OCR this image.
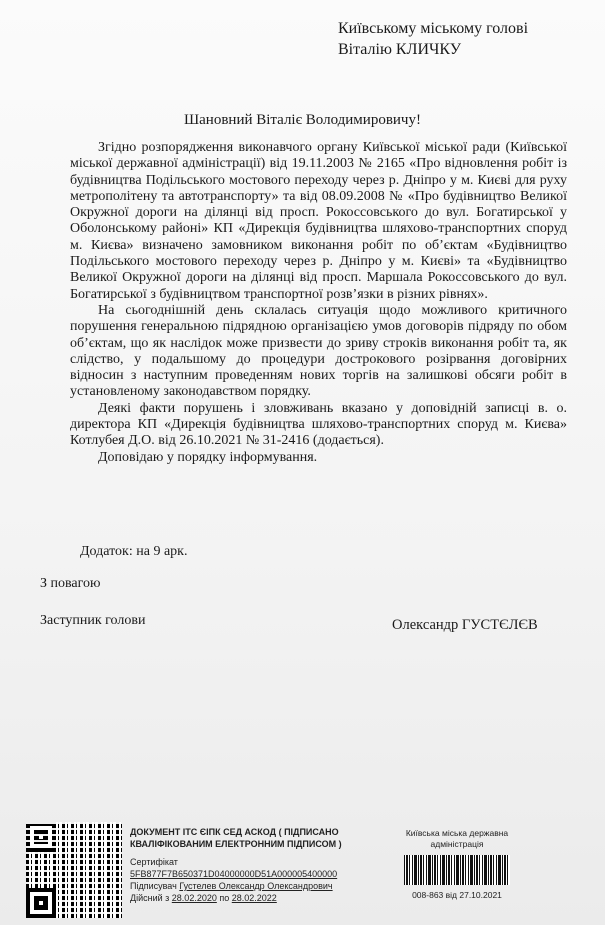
Київському міському голові
Віталію КЛИЧКУ
Шановний Віталіє Володимировичу!

Згідно розпорядження виконавчого органу Київської міської ради (Київської міської державної адміністрації) від 19.11.2003 № 2165 «Про відновлення робіт із будівництва Подільського мостового переходу через р. Дніпро у м. Києві для руху метрополітену та автотранспорту» та від 08.09.2008 № «Про будівництво Великої Окружної дороги на ділянці від просп. Рокоссовського до вул. Богатирської у Оболонському районі» КП «Дирекція будівництва шляхово-транспортних споруд м. Києва» визначено замовником виконання робіт по об’єктам «Будівництво Подільського мостового переходу через р. Дніпро у м. Києві» та «Будівництво Великої Окружної дороги на ділянці від просп. Маршала Рокоссовського до вул. Богатирської з будівництвом транспортної розв’язки в різних рівнях».

На сьогоднішній день склалась ситуація щодо можливого критичного порушення генеральною підрядною організацією умов договорів підряду по обом об’єктам, що як наслідок може призвести до зриву строків виконання робіт та, як слідство, у подальшому до процедури дострокового розірвання договірних відносин з наступним проведенням нових торгів на залишкові обсяги робіт в установленому законодавством порядку.

Деякі факти порушень і зловживань вказано у доповідній записці в. о. директора КП «Дирекція будівництва шляхово-транспортних споруд м. Києва» Котлубея Д.О. від 26.10.2021 № 31-2416 (додається).

Доповідаю у порядку інформування.

Додаток: на 9 арк.
З повагою
Заступник голови	Олександр ГУСТЄЛЄВ
ДОКУМЕНТ ІТС ЄІПК СЕД АСКОД ( ПІДПИСАНО
КВАЛІФІКОВАНИМ ЕЛЕКТРОННИМ ПІДПИСОМ )
Сертифікат
5FB877F7B650371D04000000D51A000005400000
Підписувач Густелев Олександр Олександрович
Дійсний з 28.02.2020 по 28.02.2022
Київська міська державна
адміністрація
008-863 від 27.10.2021
